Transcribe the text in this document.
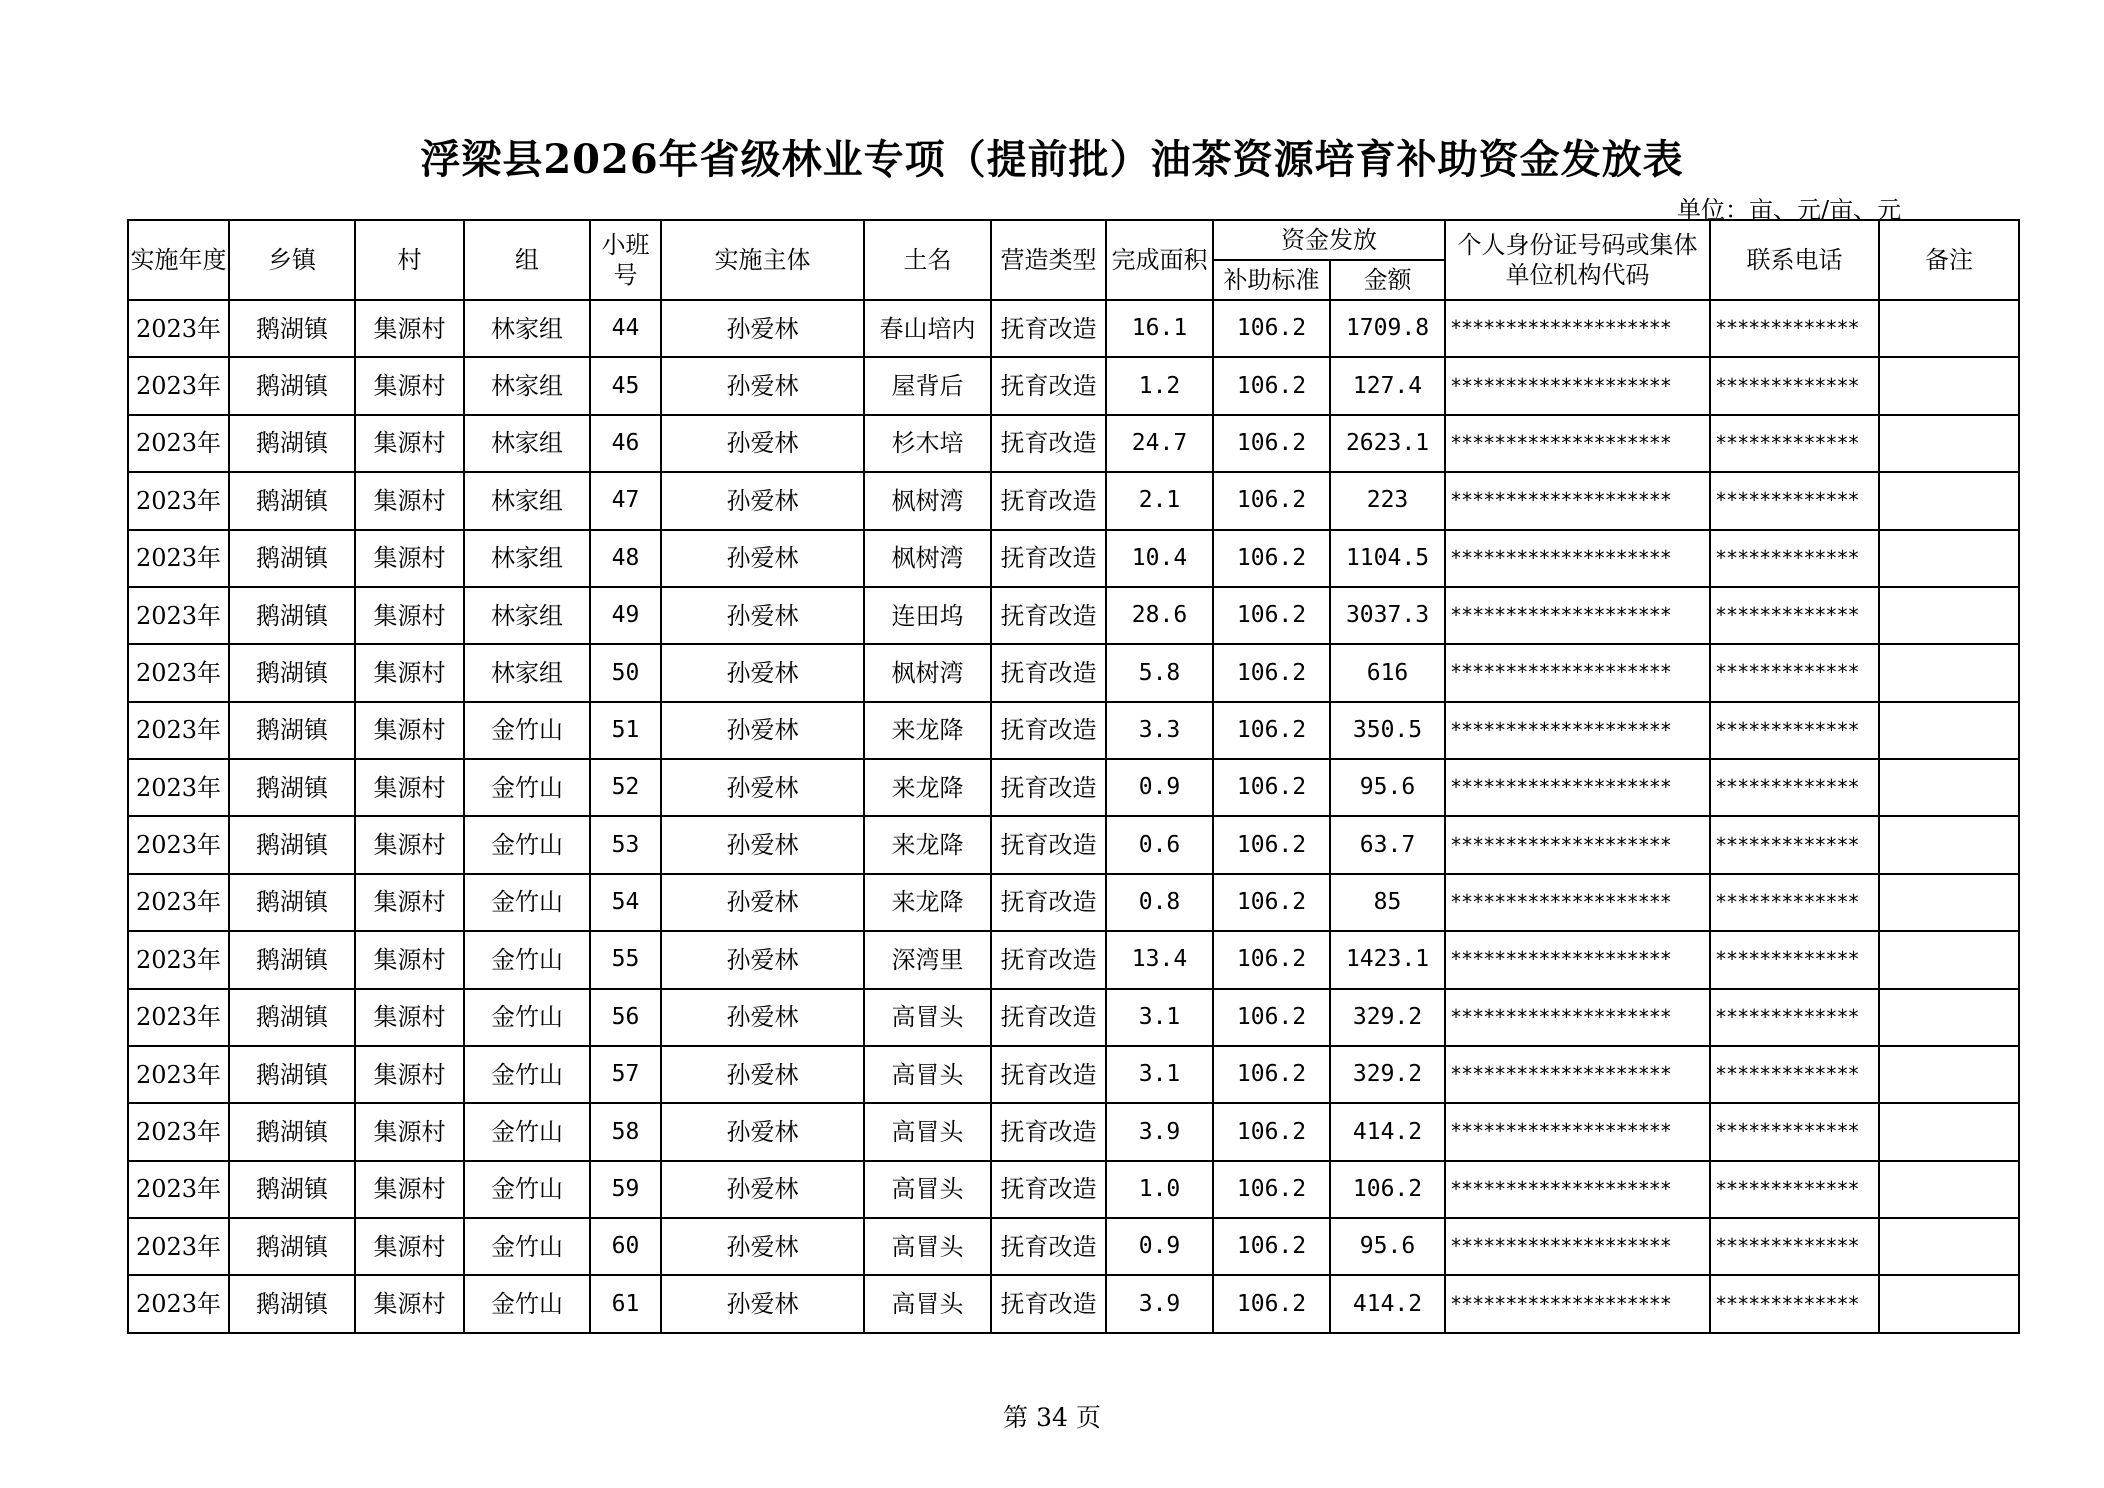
浮梁县2026年省级林业专项（提前批）油茶资源培育补助资金发放表
单位：亩、元/亩、元
实施年度	乡镇	村	组	小班号	实施主体	土名	营造类型	完成面积	资金发放		个人身份证号码或集体单位机构代码	联系电话	备注
									补助标准	金额			
2023年	鹅湖镇	集源村	林家组	44	孙爱林	春山培内	抚育改造	16.1	106.2	1709.8	********************	*************	
2023年	鹅湖镇	集源村	林家组	45	孙爱林	屋背后	抚育改造	1.2	106.2	127.4	********************	*************	
2023年	鹅湖镇	集源村	林家组	46	孙爱林	杉木培	抚育改造	24.7	106.2	2623.1	********************	*************	
2023年	鹅湖镇	集源村	林家组	47	孙爱林	枫树湾	抚育改造	2.1	106.2	223	********************	*************	
2023年	鹅湖镇	集源村	林家组	48	孙爱林	枫树湾	抚育改造	10.4	106.2	1104.5	********************	*************	
2023年	鹅湖镇	集源村	林家组	49	孙爱林	连田坞	抚育改造	28.6	106.2	3037.3	********************	*************	
2023年	鹅湖镇	集源村	林家组	50	孙爱林	枫树湾	抚育改造	5.8	106.2	616	********************	*************	
2023年	鹅湖镇	集源村	金竹山	51	孙爱林	来龙降	抚育改造	3.3	106.2	350.5	********************	*************	
2023年	鹅湖镇	集源村	金竹山	52	孙爱林	来龙降	抚育改造	0.9	106.2	95.6	********************	*************	
2023年	鹅湖镇	集源村	金竹山	53	孙爱林	来龙降	抚育改造	0.6	106.2	63.7	********************	*************	
2023年	鹅湖镇	集源村	金竹山	54	孙爱林	来龙降	抚育改造	0.8	106.2	85	********************	*************	
2023年	鹅湖镇	集源村	金竹山	55	孙爱林	深湾里	抚育改造	13.4	106.2	1423.1	********************	*************	
2023年	鹅湖镇	集源村	金竹山	56	孙爱林	高冒头	抚育改造	3.1	106.2	329.2	********************	*************	
2023年	鹅湖镇	集源村	金竹山	57	孙爱林	高冒头	抚育改造	3.1	106.2	329.2	********************	*************	
2023年	鹅湖镇	集源村	金竹山	58	孙爱林	高冒头	抚育改造	3.9	106.2	414.2	********************	*************	
2023年	鹅湖镇	集源村	金竹山	59	孙爱林	高冒头	抚育改造	1.0	106.2	106.2	********************	*************	
2023年	鹅湖镇	集源村	金竹山	60	孙爱林	高冒头	抚育改造	0.9	106.2	95.6	********************	*************	
2023年	鹅湖镇	集源村	金竹山	61	孙爱林	高冒头	抚育改造	3.9	106.2	414.2	********************	*************	
第 34 页
